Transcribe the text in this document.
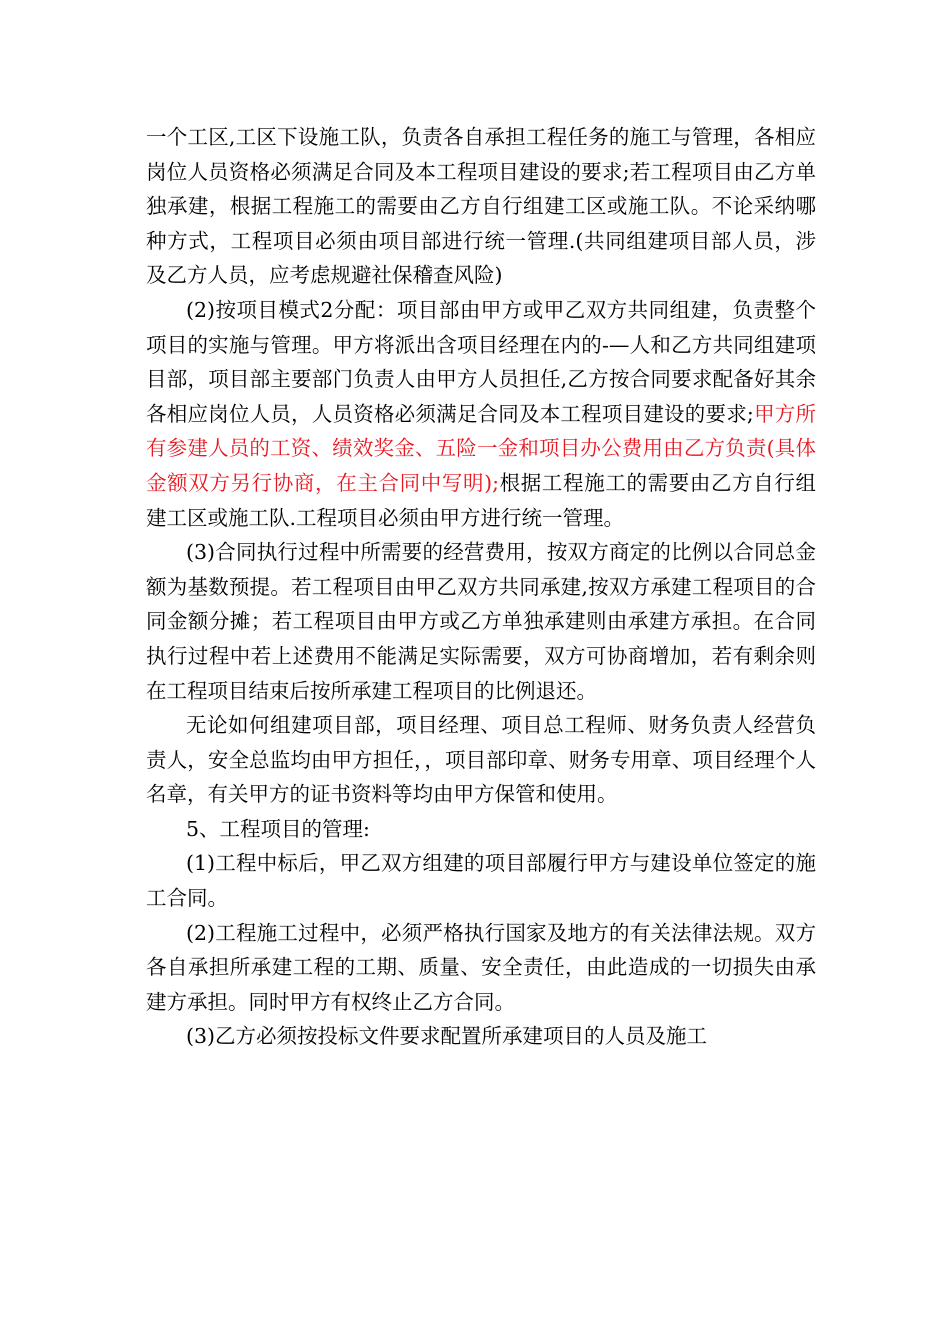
一个工区,工区下设施工队，负责各自承担工程任务的施工与管理，各相应岗位人员资格必须满足合同及本工程项目建设的要求;若工程项目由乙方单独承建，根据工程施工的需要由乙方自行组建工区或施工队。不论采纳哪种方式，工程项目必须由项目部进行统一管理.(共同组建项目部人员，涉及乙方人员，应考虑规避社保稽查风险)

(2)按项目模式2分配：项目部由甲方或甲乙双方共同组建，负责整个项目的实施与管理。甲方将派出含项目经理在内的-—人和乙方共同组建项目部，项目部主要部门负责人由甲方人员担任,乙方按合同要求配备好其余各相应岗位人员，人员资格必须满足合同及本工程项目建设的要求;甲方所有参建人员的工资、绩效奖金、五险一金和项目办公费用由乙方负责(具体金额双方另行协商，在主合同中写明);根据工程施工的需要由乙方自行组建工区或施工队.工程项目必须由甲方进行统一管理。

(3)合同执行过程中所需要的经营费用，按双方商定的比例以合同总金额为基数预提。若工程项目由甲乙双方共同承建,按双方承建工程项目的合同金额分摊；若工程项目由甲方或乙方单独承建则由承建方承担。在合同执行过程中若上述费用不能满足实际需要，双方可协商增加，若有剩余则在工程项目结束后按所承建工程项目的比例退还。

无论如何组建项目部，项目经理、项目总工程师、财务负责人经营负责人，安全总监均由甲方担任，，项目部印章、财务专用章、项目经理个人名章，有关甲方的证书资料等均由甲方保管和使用。

5、工程项目的管理:

(1)工程中标后，甲乙双方组建的项目部履行甲方与建设单位签定的施工合同。

(2)工程施工过程中，必须严格执行国家及地方的有关法律法规。双方各自承担所承建工程的工期、质量、安全责任，由此造成的一切损失由承建方承担。同时甲方有权终止乙方合同。

(3)乙方必须按投标文件要求配置所承建项目的人员及施工
